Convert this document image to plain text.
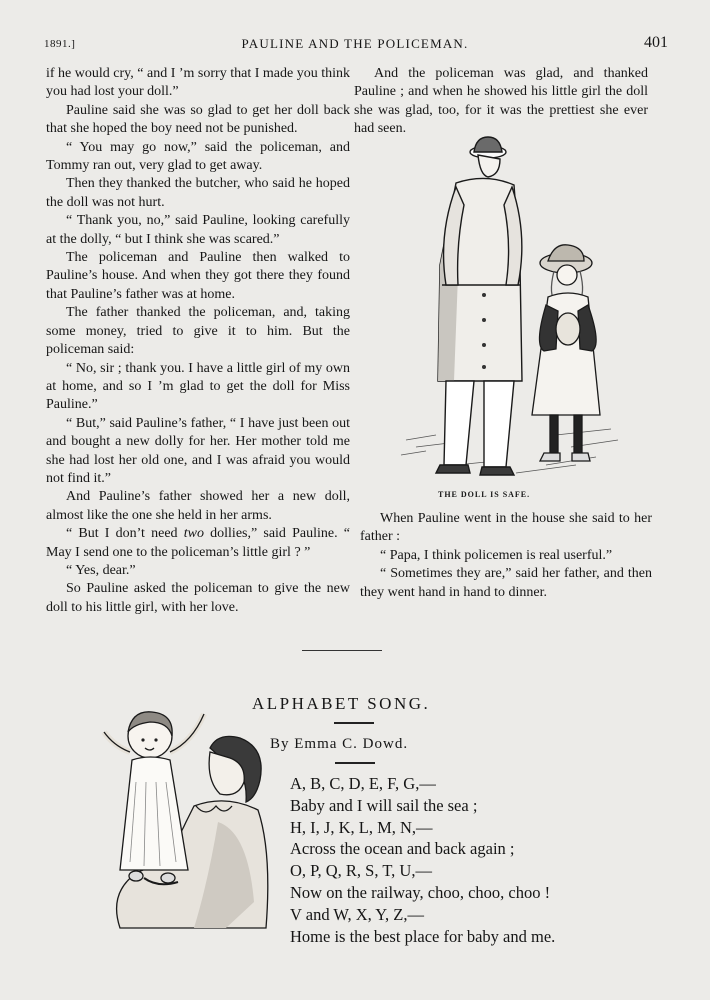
1891.]	PAULINE AND THE POLICEMAN.	401

if he would cry, “ and I ’m sorry that I made you think you had lost your doll.”

Pauline said she was so glad to get her doll back that she hoped the boy need not be punished.

“ You may go now,” said the policeman, and Tommy ran out, very glad to get away.

Then they thanked the butcher, who said he hoped the doll was not hurt.

“ Thank you, no,” said Pauline, looking carefully at the dolly, “ but I think she was scared.”

The policeman and Pauline then walked to Pauline’s house. And when they got there they found that Pauline’s father was at home.

The father thanked the policeman, and, taking some money, tried to give it to him. But the policeman said:

“ No, sir ; thank you. I have a little girl of my own at home, and so I ’m glad to get the doll for Miss Pauline.”

“ But,” said Pauline’s father, “ I have just been out and bought a new dolly for her. Her mother told me she had lost her old one, and I was afraid you would not find it.”

And Pauline’s father showed her a new doll, almost like the one she held in her arms.

“ But I don’t need two dollies,” said Pauline. “ May I send one to the policeman’s little girl ? ”

“ Yes, dear.”

So Pauline asked the policeman to give the new doll to his little girl, with her love.

And the policeman was glad, and thanked Pauline ; and when he showed his little girl the doll she was glad, too, for it was the prettiest she ever had seen.

THE DOLL IS SAFE.

When Pauline went in the house she said to her father :

“ Papa, I think policemen is real userful.”

“ Sometimes they are,” said her father, and then they went hand in hand to dinner.

ALPHABET SONG.
By Emma C. Dowd.
A, B, C, D, E, F, G,—
Baby and I will sail the sea ;
H, I, J, K, L, M, N,—
Across the ocean and back again ;
O, P, Q, R, S, T, U,—
Now on the railway, choo, choo, choo !
V and W, X, Y, Z,—
Home is the best place for baby and me.
